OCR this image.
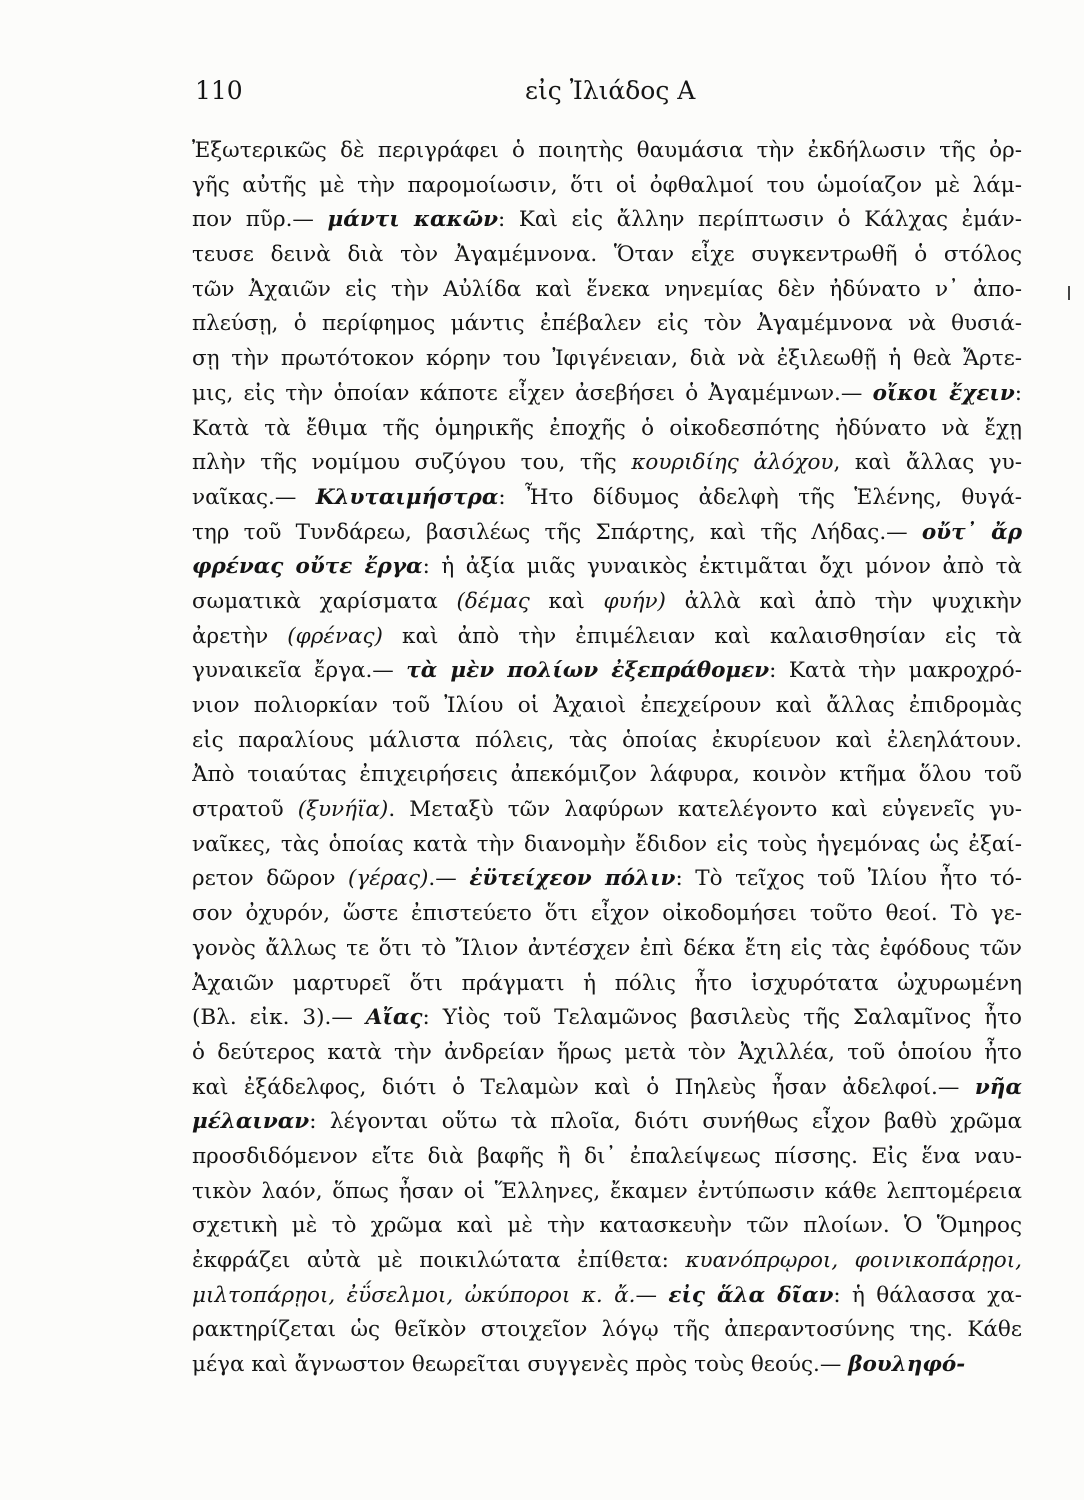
110	εἰς Ἰλιάδος Α
Ἐξωτερικῶς δὲ περιγράφει ὁ ποιητὴς θαυμάσια τὴν ἐκδήλωσιν τῆς ὀρ-
γῆς αὐτῆς μὲ τὴν παρομοίωσιν, ὅτι οἱ ὀφθαλμοί του ὡμοίαζον μὲ λάμ-
πον πῦρ.— μάντι κακῶν: Καὶ εἰς ἄλλην περίπτωσιν ὁ Κάλχας ἐμάν-
τευσε δεινὰ διὰ τὸν Ἀγαμέμνονα. Ὅταν εἶχε συγκεντρωθῆ ὁ στόλος
τῶν Ἀχαιῶν εἰς τὴν Αὐλίδα καὶ ἕνεκα νηνεμίας δὲν ἠδύνατο ν᾽ ἀπο-
πλεύσῃ, ὁ περίφημος μάντις ἐπέβαλεν εἰς τὸν Ἀγαμέμνονα νὰ θυσιά-
σῃ τὴν πρωτότοκον κόρην του Ἰφιγένειαν, διὰ νὰ ἐξιλεωθῇ ἡ θεὰ Ἄρτε-
μις, εἰς τὴν ὁποίαν κάποτε εἶχεν ἀσεβήσει ὁ Ἀγαμέμνων.— οἴκοι ἔχειν:
Κατὰ τὰ ἔθιμα τῆς ὁμηρικῆς ἐποχῆς ὁ οἰκοδεσπότης ἠδύνατο νὰ ἔχῃ
πλὴν τῆς νομίμου συζύγου του, τῆς κουριδίης ἀλόχου, καὶ ἄλλας γυ-
ναῖκας.— Κλυταιμήστρα: Ἦτο δίδυμος ἀδελφὴ τῆς Ἑλένης, θυγά-
τηρ τοῦ Τυνδάρεω, βασιλέως τῆς Σπάρτης, καὶ τῆς Λήδας.— οὔτ᾽ ἄρ
φρένας οὔτε ἔργα: ἡ ἀξία μιᾶς γυναικὸς ἐκτιμᾶται ὄχι μόνον ἀπὸ τὰ
σωματικὰ χαρίσματα (δέμας καὶ φυήν) ἀλλὰ καὶ ἀπὸ τὴν ψυχικὴν
ἀρετὴν (φρένας) καὶ ἀπὸ τὴν ἐπιμέλειαν καὶ καλαισθησίαν εἰς τὰ
γυναικεῖα ἔργα.— τὰ μὲν πολίων ἐξεπράθομεν: Κατὰ τὴν μακροχρό-
νιον πολιορκίαν τοῦ Ἰλίου οἱ Ἀχαιοὶ ἐπεχείρουν καὶ ἄλλας ἐπιδρομὰς
εἰς παραλίους μάλιστα πόλεις, τὰς ὁποίας ἐκυρίευον καὶ ἐλεηλάτουν.
Ἀπὸ τοιαύτας ἐπιχειρήσεις ἀπεκόμιζον λάφυρα, κοινὸν κτῆμα ὅλου τοῦ
στρατοῦ (ξυνήϊα). Μεταξὺ τῶν λαφύρων κατελέγοντο καὶ εὐγενεῖς γυ-
ναῖκες, τὰς ὁποίας κατὰ τὴν διανομὴν ἔδιδον εἰς τοὺς ἡγεμόνας ὡς ἐξαί-
ρετον δῶρον (γέρας).— ἐϋτείχεον πόλιν: Τὸ τεῖχος τοῦ Ἰλίου ἦτο τό-
σον ὀχυρόν, ὥστε ἐπιστεύετο ὅτι εἶχον οἰκοδομήσει τοῦτο θεοί. Τὸ γε-
γονὸς ἄλλως τε ὅτι τὸ Ἴλιον ἀντέσχεν ἐπὶ δέκα ἔτη εἰς τὰς ἐφόδους τῶν
Ἀχαιῶν μαρτυρεῖ ὅτι πράγματι ἡ πόλις ἦτο ἰσχυρότατα ὠχυρωμένη
(Βλ. εἰκ. 3).— Αἴας: Υἱὸς τοῦ Τελαμῶνος βασιλεὺς τῆς Σαλαμῖνος ἦτο
ὁ δεύτερος κατὰ τὴν ἀνδρείαν ἥρως μετὰ τὸν Ἀχιλλέα, τοῦ ὁποίου ἦτο
καὶ ἐξάδελφος, διότι ὁ Τελαμὼν καὶ ὁ Πηλεὺς ἦσαν ἀδελφοί.— νῆα
μέλαιναν: λέγονται οὕτω τὰ πλοῖα, διότι συνήθως εἶχον βαθὺ χρῶμα
προσδιδόμενον εἴτε διὰ βαφῆς ἢ δι᾽ ἐπαλείψεως πίσσης. Εἰς ἕνα ναυ-
τικὸν λαόν, ὅπως ἦσαν οἱ Ἕλληνες, ἔκαμεν ἐντύπωσιν κάθε λεπτομέρεια
σχετικὴ μὲ τὸ χρῶμα καὶ μὲ τὴν κατασκευὴν τῶν πλοίων. Ὁ Ὅμηρος
ἐκφράζει αὐτὰ μὲ ποικιλώτατα ἐπίθετα: κυανόπρῳροι, φοινικοπάρῃοι,
μιλτοπάρῃοι, ἐΰσελμοι, ὠκύποροι κ. ἄ.— εἰς ἅλα δῖαν: ἡ θάλασσα χα-
ρακτηρίζεται ὡς θεῖκὸν στοιχεῖον λόγῳ τῆς ἀπεραντοσύνης της. Κάθε
μέγα καὶ ἄγνωστον θεωρεῖται συγγενὲς πρὸς τοὺς θεούς.— βουληφό-
